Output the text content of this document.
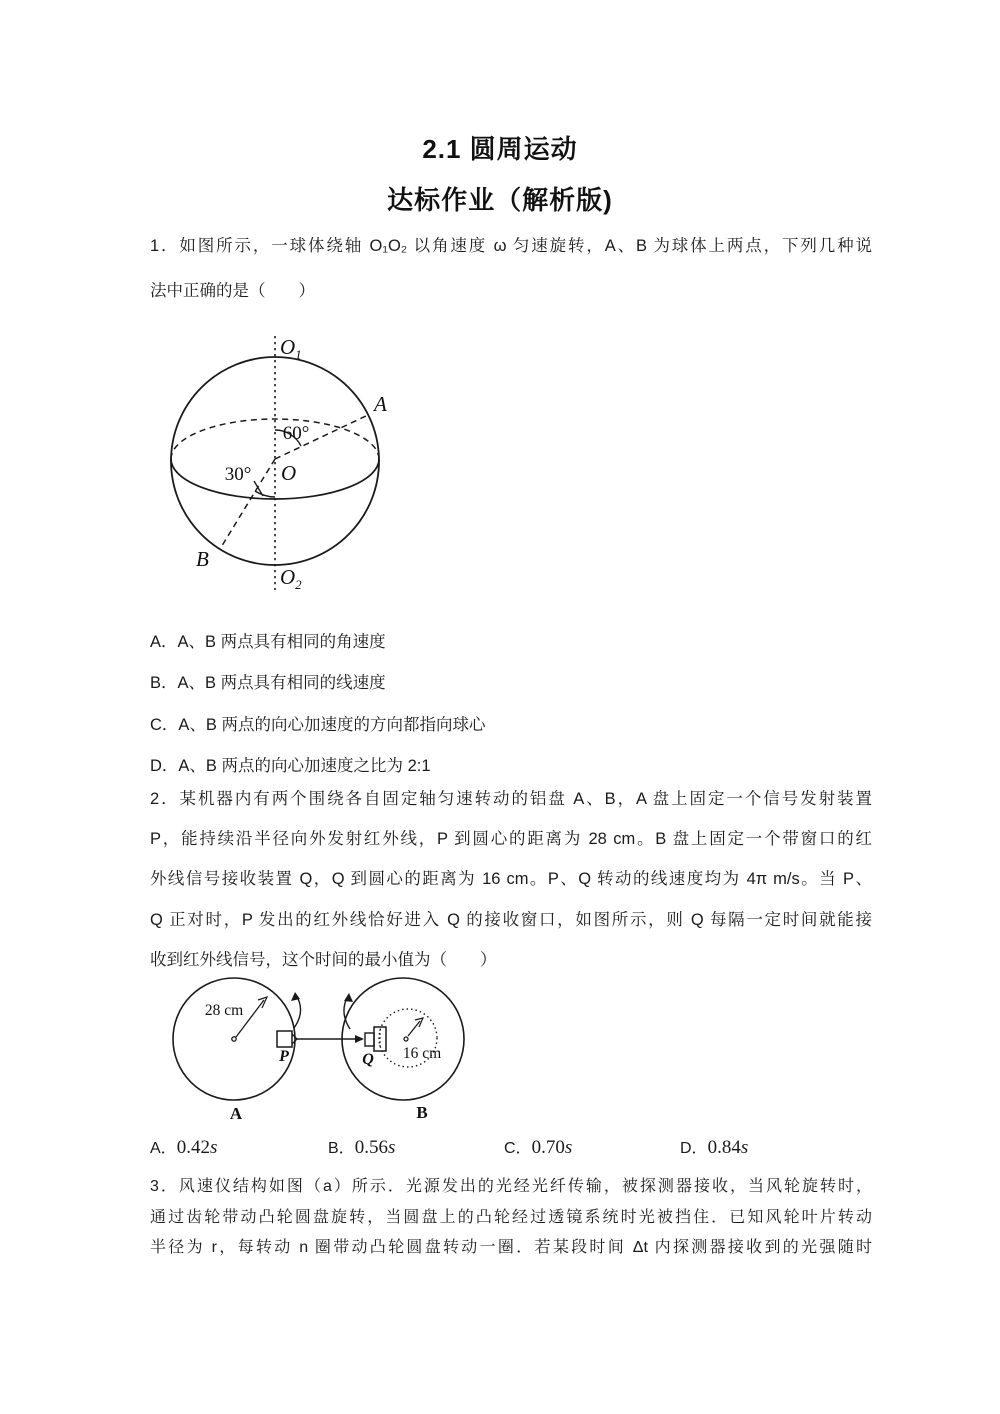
2.1 圆周运动
达标作业（解析版)
1．如图所示，一球体绕轴 O₁O₂ 以角速度 ω 匀速旋转，A、B 为球体上两点，下列几种说
法中正确的是（　　）
$O_1$
$O_2$
O
A
B
60°
30°
A．A、B 两点具有相同的角速度
B．A、B 两点具有相同的线速度
C．A、B 两点的向心加速度的方向都指向球心
D．A、B 两点的向心加速度之比为 2:1
2．某机器内有两个围绕各自固定轴匀速转动的铝盘 A、B，A 盘上固定一个信号发射装置
P，能持续沿半径向外发射红外线，P 到圆心的距离为 28 cm。B 盘上固定一个带窗口的红
外线信号接收装置 Q，Q 到圆心的距离为 16 cm。P、Q 转动的线速度均为 4π m/s。当 P、
Q 正对时，P 发出的红外线恰好进入 Q 的接收窗口，如图所示，则 Q 每隔一定时间就能接
收到红外线信号，这个时间的最小值为（　　）
28 cm
P	Q 16 cm
A	B
A．0.42s	B．0.56s	C．0.70s	D．0.84s
3．风速仪结构如图（a）所示．光源发出的光经光纤传输，被探测器接收，当风轮旋转时，
通过齿轮带动凸轮圆盘旋转，当圆盘上的凸轮经过透镜系统时光被挡住．已知风轮叶片转动
半径为 r，每转动 n 圈带动凸轮圆盘转动一圈．若某段时间 Δt 内探测器接收到的光强随时
